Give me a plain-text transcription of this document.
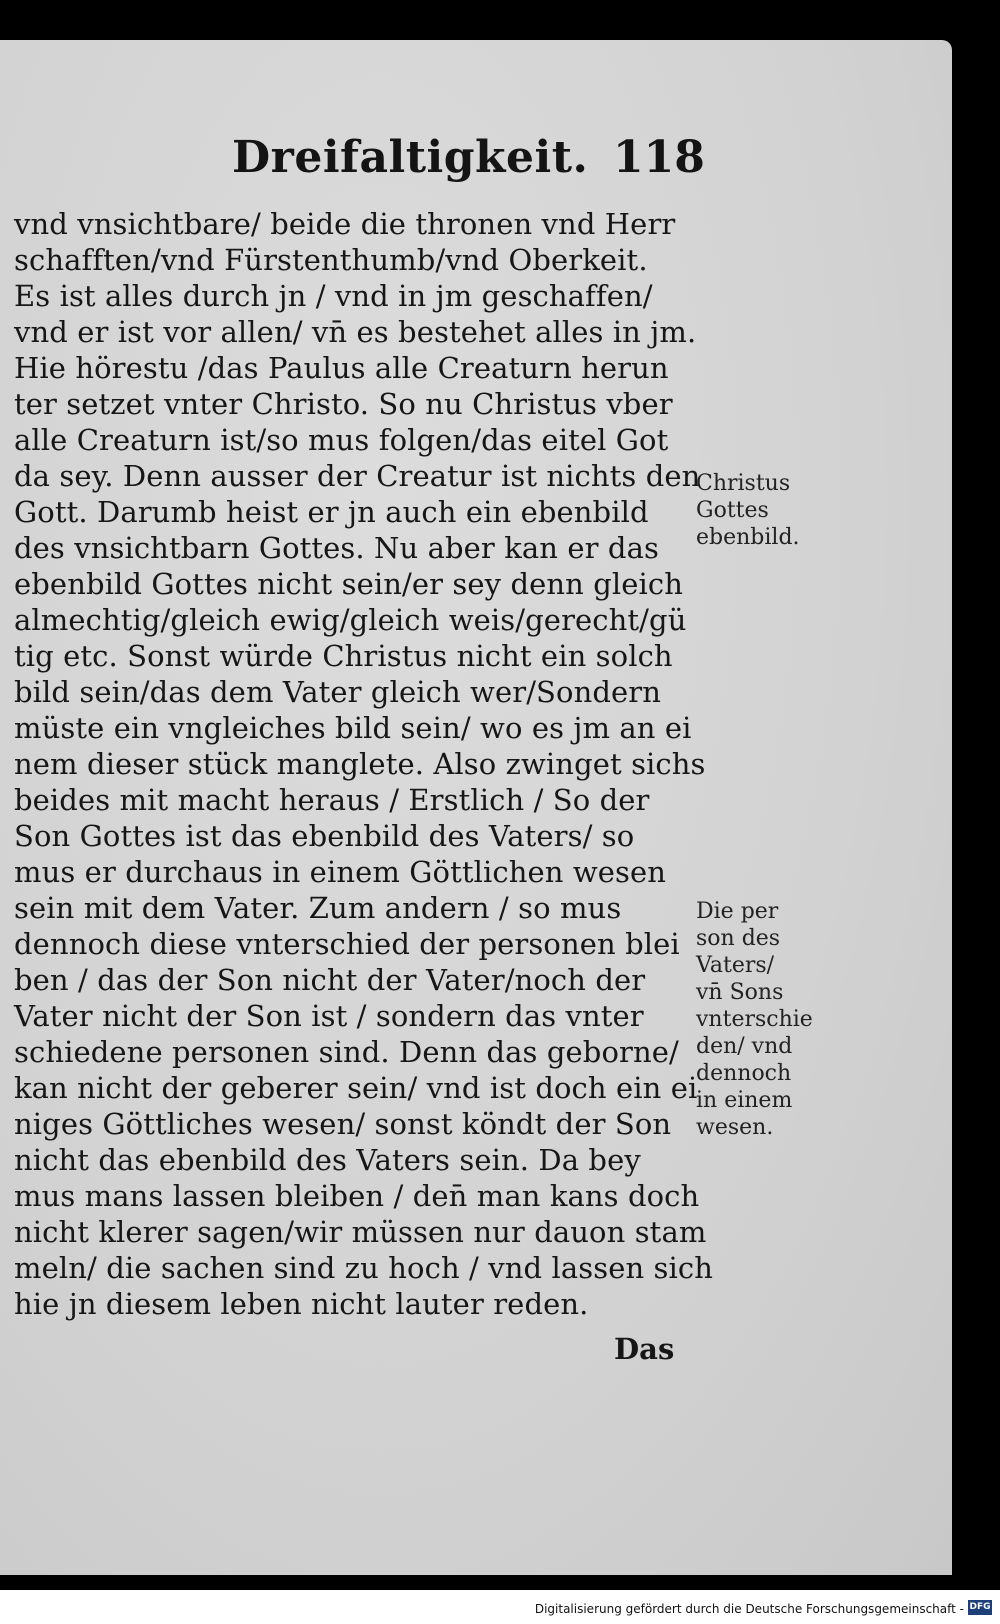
Dreifaltigkeit. 118
vnd vnsichtbare/ beide die thronen vnd Herr
schafften/vnd Fürstenthumb/vnd Oberkeit.
Es ist alles durch jn / vnd in jm geschaffen/
vnd er ist vor allen/ vn̄ es bestehet alles in jm.
Hie hörestu /das Paulus alle Creaturn herun
ter setzet vnter Christo. So nu Christus vber
alle Creaturn ist/so mus folgen/das eitel Got
da sey. Denn ausser der Creatur ist nichts den
Gott. Darumb heist er jn auch ein ebenbild
des vnsichtbarn Gottes. Nu aber kan er das
ebenbild Gottes nicht sein/er sey denn gleich
almechtig/gleich ewig/gleich weis/gerecht/gü
tig etc. Sonst würde Christus nicht ein solch
bild sein/das dem Vater gleich wer/Sondern
müste ein vngleiches bild sein/ wo es jm an ei
nem dieser stück manglete. Also zwinget sichs
beides mit macht heraus / Erstlich / So der
Son Gottes ist das ebenbild des Vaters/ so
mus er durchaus in einem Göttlichen wesen
sein mit dem Vater. Zum andern / so mus
dennoch diese vnterschied der personen blei
ben / das der Son nicht der Vater/noch der
Vater nicht der Son ist / sondern das vnter
schiedene personen sind. Denn das geborne/
kan nicht der geberer sein/ vnd ist doch ein ei
niges Göttliches wesen/ sonst köndt der Son
nicht das ebenbild des Vaters sein. Da bey
mus mans lassen bleiben / den̄ man kans doch
nicht klerer sagen/wir müssen nur dauon stam
meln/ die sachen sind zu hoch / vnd lassen sich
hie jn diesem leben nicht lauter reden.
Christus
Gottes
ebenbild.
Die per
son des
Vaters/
vn̄ Sons
vnterschie
den/ vnd
dennoch
in einem
wesen.
Das
Digitalisierung gefördert durch die Deutsche Forschungsgemeinschaft - DFG
